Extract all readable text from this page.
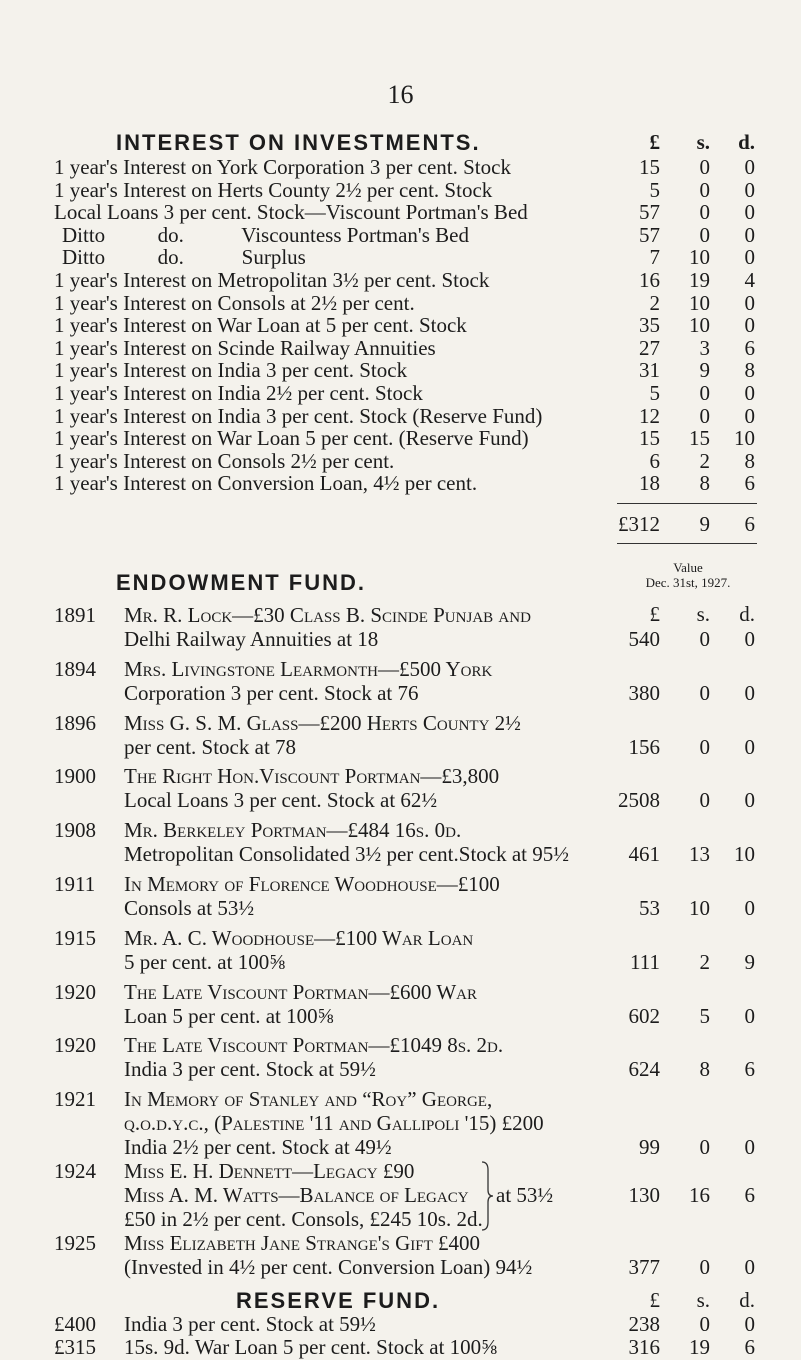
16
INTEREST ON INVESTMENTS.	£	s.	d.
1 year's Interest on York Corporation 3 per cent. Stock	15	0	0
1 year's Interest on Herts County 2½ per cent. Stock	5	0	0
Local Loans 3 per cent. Stock—Viscount Portman's Bed	57	0	0
Ditto          do.           Viscountess Portman's Bed	57	0	0
Ditto          do.           Surplus	7	10	0
1 year's Interest on Metropolitan 3½ per cent. Stock	16	19	4
1 year's Interest on Consols at 2½ per cent.	2	10	0
1 year's Interest on War Loan at 5 per cent. Stock	35	10	0
1 year's Interest on Scinde Railway Annuities	27	3	6
1 year's Interest on India 3 per cent. Stock	31	9	8
1 year's Interest on India 2½ per cent. Stock	5	0	0
1 year's Interest on India 3 per cent. Stock (Reserve Fund)	12	0	0
1 year's Interest on War Loan 5 per cent. (Reserve Fund)	15	15	10
1 year's Interest on Consols 2½ per cent.	6	2	8
1 year's Interest on Conversion Loan, 4½ per cent.	18	8	6
£312	9	6
ENDOWMENT FUND.
Value
Dec. 31st, 1927.
£	s.	d.
1891 Mr. R. Lock—£30 Class B. Scinde Punjab and
Delhi Railway Annuities at 18	540	0	0
1894 Mrs. Livingstone Learmonth—£500 York
Corporation 3 per cent. Stock at 76	380	0	0
1896 Miss G. S. M. Glass—£200 Herts County 2½
per cent. Stock at 78	156	0	0
1900 The Right Hon.Viscount Portman—£3,800
Local Loans 3 per cent. Stock at 62½	2508	0	0
1908 Mr. Berkeley Portman—£484 16s. 0d.
Metropolitan Consolidated 3½ per cent.Stock at 95½	461	13	10
1911 In Memory of Florence Woodhouse—£100
Consols at 53½	53	10	0
1915 Mr. A. C. Woodhouse—£100 War Loan
5 per cent. at 100⅝	111	2	9
1920 The Late Viscount Portman—£600 War
Loan 5 per cent. at 100⅝	602	5	0
1920 The Late Viscount Portman—£1049 8s. 2d.
India 3 per cent. Stock at 59½	624	8	6
1921 In Memory of Stanley and “Roy” George,
q.o.d.y.c., (Palestine '11 and Gallipoli '15) £200
India 2½ per cent. Stock at 49½	99	0	0
1924 Miss E. H. Dennett—Legacy £90
Miss A. M. Watts—Balance of Legacy
£50 in 2½ per cent. Consols, £245 10s. 2d.
at 53½	130	16	6
1925 Miss Elizabeth Jane Strange's Gift £400
(Invested in 4½ per cent. Conversion Loan) 94½	377	0	0
RESERVE FUND.	£	s.	d.
£400 India 3 per cent. Stock at 59½	238	0	0
£315 15s. 9d. War Loan 5 per cent. Stock at 100⅝	316	19	6
